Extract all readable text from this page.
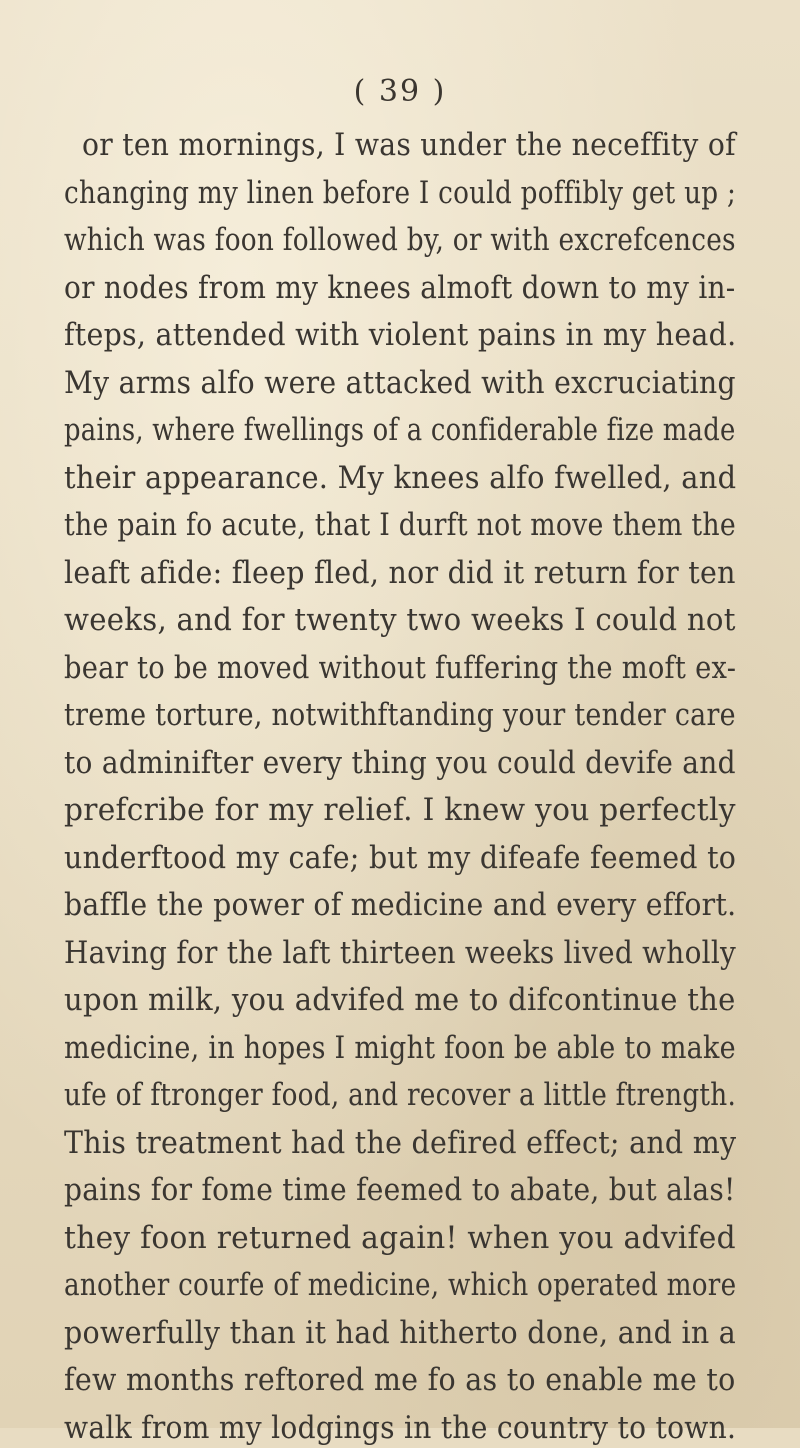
( 39 )
or ten mornings, I was under the neceffity of
changing my linen before I could poffibly get up ;
which was foon followed by, or with excrefcences
or nodes from my knees almoft down to my in-
fteps, attended with violent pains in my head.
My arms alfo were attacked with excruciating
pains, where fwellings of a confiderable fize made
their appearance. My knees alfo fwelled, and
the pain fo acute, that I durft not move them the
leaft afide: fleep fled, nor did it return for ten
weeks, and for twenty two weeks I could not
bear to be moved without fuffering the moft ex-
treme torture, notwithftanding your tender care
to adminifter every thing you could devife and
prefcribe for my relief. I knew you perfectly
underftood my cafe; but my difeafe feemed to
baffle the power of medicine and every effort.
Having for the laft thirteen weeks lived wholly
upon milk, you advifed me to difcontinue the
medicine, in hopes I might foon be able to make
ufe of ftronger food, and recover a little ftrength.
This treatment had the defired effect; and my
pains for fome time feemed to abate, but alas!
they foon returned again! when you advifed
another courfe of medicine, which operated more
powerfully than it had hitherto done, and in a
few months reftored me fo as to enable me to
walk from my lodgings in the country to town.
